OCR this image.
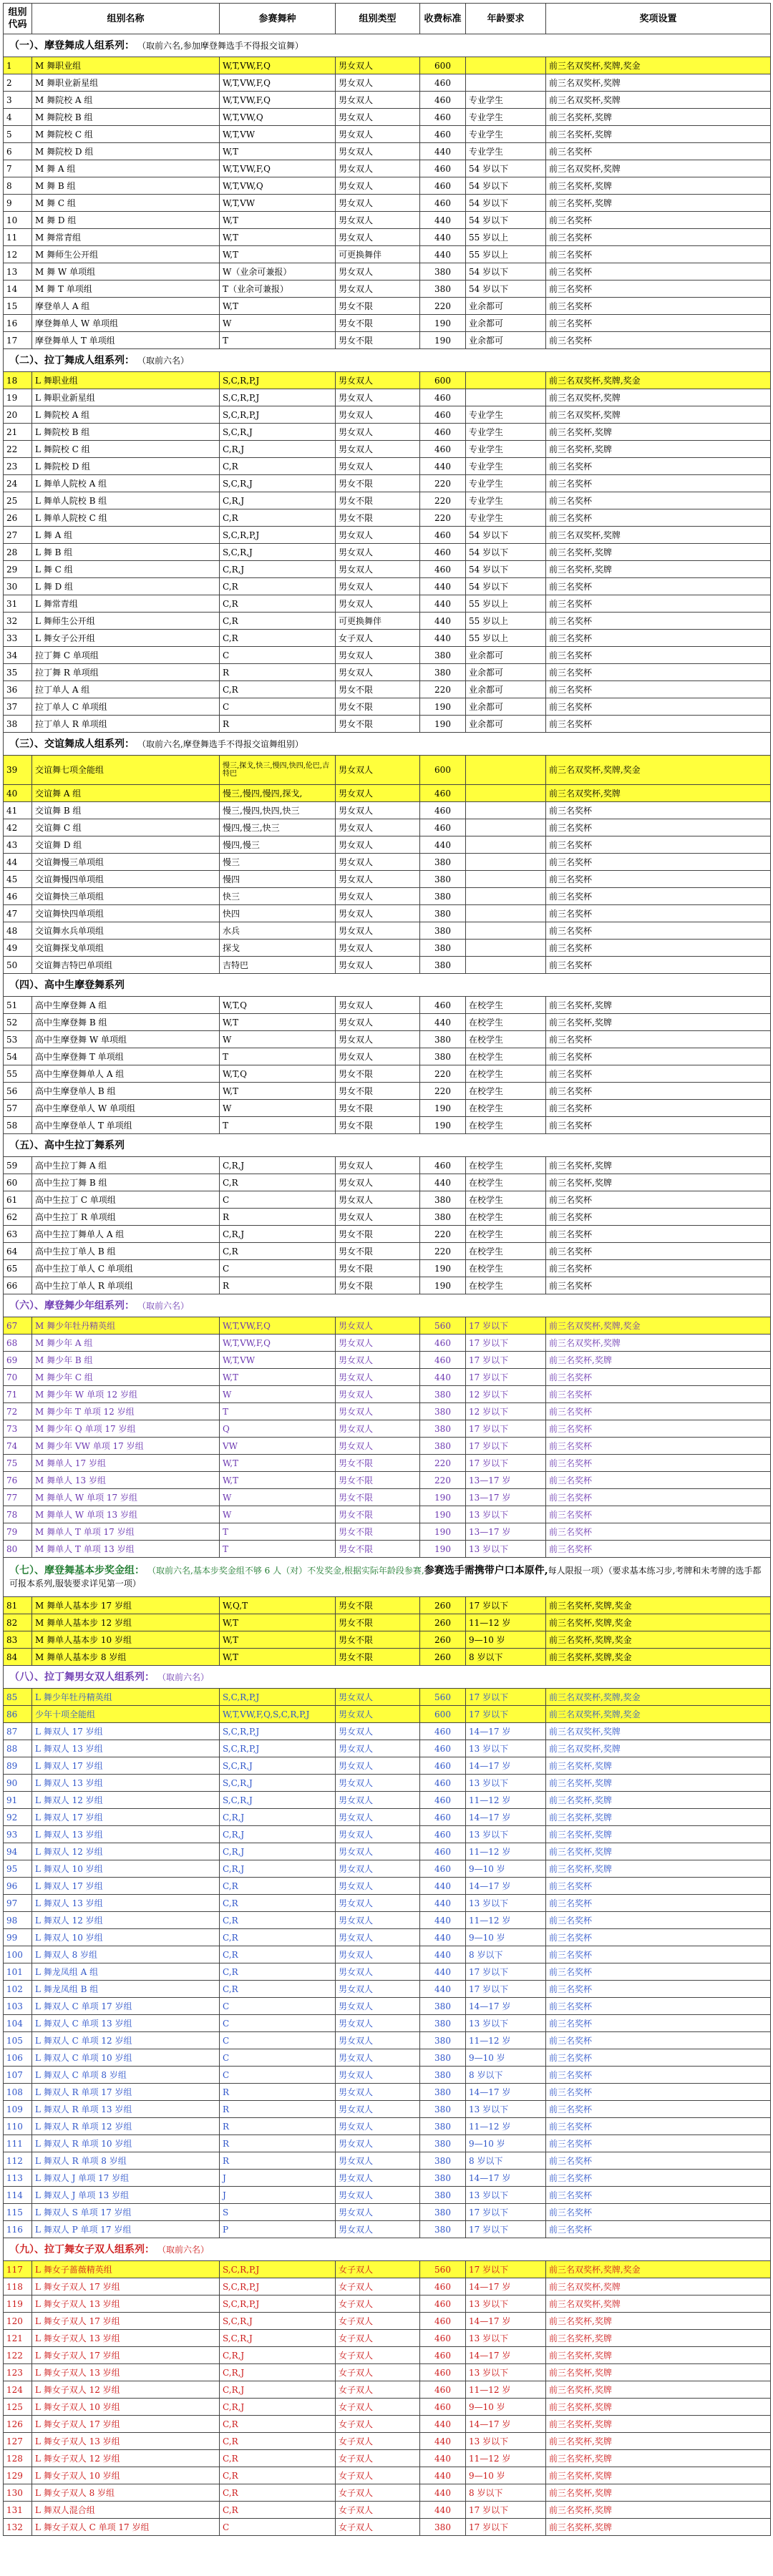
组别代码	组别名称	参赛舞种	组别类型	收费标准	年龄要求	奖项设置
（一）、摩登舞成人组系列： （取前六名,参加摩登舞选手不得报交谊舞）						
1	M 舞职业组	W,T,VW,F,Q	男女双人	600		前三名双奖杯,奖牌,奖金
2	M 舞职业新星组	W,T,VW,F,Q	男女双人	460		前三名双奖杯,奖牌
3	M 舞院校 A 组	W,T,VW,F,Q	男女双人	460	专业学生	前三名双奖杯,奖牌
4	M 舞院校 B 组	W,T,VW,Q	男女双人	460	专业学生	前三名奖杯,奖牌
5	M 舞院校 C 组	W,T,VW	男女双人	460	专业学生	前三名奖杯,奖牌
6	M 舞院校 D 组	W,T	男女双人	440	专业学生	前三名奖杯
7	M 舞 A 组	W,T,VW,F,Q	男女双人	460	54 岁以下	前三名双奖杯,奖牌
8	M 舞 B 组	W,T,VW,Q	男女双人	460	54 岁以下	前三名奖杯,奖牌
9	M 舞 C 组	W,T,VW	男女双人	460	54 岁以下	前三名奖杯,奖牌
10	M 舞 D 组	W,T	男女双人	440	54 岁以下	前三名奖杯
11	M 舞常青组	W,T	男女双人	440	55 岁以上	前三名奖杯
12	M 舞师生公开组	W,T	可更换舞伴	440	55 岁以上	前三名奖杯
13	M 舞 W 单项组	W（业余可兼报）	男女双人	380	54 岁以下	前三名奖杯
14	M 舞 T 单项组	T（业余可兼报）	男女双人	380	54 岁以下	前三名奖杯
15	摩登单人 A 组	W,T	男女不限	220	业余都可	前三名奖杯
16	摩登舞单人 W 单项组	W	男女不限	190	业余都可	前三名奖杯
17	摩登舞单人 T 单项组	T	男女不限	190	业余都可	前三名奖杯
（二）、拉丁舞成人组系列： （取前六名）						
18	L 舞职业组	S,C,R,P,J	男女双人	600		前三名双奖杯,奖牌,奖金
19	L 舞职业新星组	S,C,R,P,J	男女双人	460		前三名双奖杯,奖牌
20	L 舞院校 A 组	S,C,R,P,J	男女双人	460	专业学生	前三名双奖杯,奖牌
21	L 舞院校 B 组	S,C,R,J	男女双人	460	专业学生	前三名奖杯,奖牌
22	L 舞院校 C 组	C,R,J	男女双人	460	专业学生	前三名奖杯,奖牌
23	L 舞院校 D 组	C,R	男女双人	440	专业学生	前三名奖杯
24	L 舞单人院校 A 组	S,C,R,J	男女不限	220	专业学生	前三名奖杯
25	L 舞单人院校 B 组	C,R,J	男女不限	220	专业学生	前三名奖杯
26	L 舞单人院校 C 组	C,R	男女不限	220	专业学生	前三名奖杯
27	L 舞 A 组	S,C,R,P,J	男女双人	460	54 岁以下	前三名双奖杯,奖牌
28	L 舞 B 组	S,C,R,J	男女双人	460	54 岁以下	前三名奖杯,奖牌
29	L 舞 C 组	C,R,J	男女双人	460	54 岁以下	前三名奖杯,奖牌
30	L 舞 D 组	C,R	男女双人	440	54 岁以下	前三名奖杯
31	L 舞常青组	C,R	男女双人	440	55 岁以上	前三名奖杯
32	L 舞师生公开组	C,R	可更换舞伴	440	55 岁以上	前三名奖杯
33	L 舞女子公开组	C,R	女子双人	440	55 岁以上	前三名奖杯
34	拉丁舞 C 单项组	C	男女双人	380	业余都可	前三名奖杯
35	拉丁舞 R 单项组	R	男女双人	380	业余都可	前三名奖杯
36	拉丁单人 A 组	C,R	男女不限	220	业余都可	前三名奖杯
37	拉丁单人 C 单项组	C	男女不限	190	业余都可	前三名奖杯
38	拉丁单人 R 单项组	R	男女不限	190	业余都可	前三名奖杯
（三）、交谊舞成人组系列： （取前六名,摩登舞选手不得报交谊舞组别）						
39	交谊舞七项全能组	慢三,探戈,快三,慢四,快四,伦巴,吉特巴	男女双人	600		前三名双奖杯,奖牌,奖金
40	交谊舞 A 组	慢三,慢四,慢四,探戈,	男女双人	460		前三名双奖杯,奖牌
41	交谊舞 B 组	慢三,慢四,快四,快三	男女双人	460		前三名奖杯
42	交谊舞 C 组	慢四,慢三,快三	男女双人	460		前三名奖杯
43	交谊舞 D 组	慢四,慢三	男女双人	440		前三名奖杯
44	交谊舞慢三单项组	慢三	男女双人	380		前三名奖杯
45	交谊舞慢四单项组	慢四	男女双人	380		前三名奖杯
46	交谊舞快三单项组	快三	男女双人	380		前三名奖杯
47	交谊舞快四单项组	快四	男女双人	380		前三名奖杯
48	交谊舞水兵单项组	水兵	男女双人	380		前三名奖杯
49	交谊舞探戈单项组	探戈	男女双人	380		前三名奖杯
50	交谊舞吉特巴单项组	吉特巴	男女双人	380		前三名奖杯
（四）、高中生摩登舞系列						
51	高中生摩登舞 A 组	W,T,Q	男女双人	460	在校学生	前三名奖杯,奖牌
52	高中生摩登舞 B 组	W,T	男女双人	440	在校学生	前三名奖杯,奖牌
53	高中生摩登舞 W 单项组	W	男女双人	380	在校学生	前三名奖杯
54	高中生摩登舞 T 单项组	T	男女双人	380	在校学生	前三名奖杯
55	高中生摩登舞单人 A 组	W,T,Q	男女不限	220	在校学生	前三名奖杯
56	高中生摩登单人 B 组	W,T	男女不限	220	在校学生	前三名奖杯
57	高中生摩登单人 W 单项组	W	男女不限	190	在校学生	前三名奖杯
58	高中生摩登单人 T 单项组	T	男女不限	190	在校学生	前三名奖杯
（五）、高中生拉丁舞系列						
59	高中生拉丁舞 A 组	C,R,J	男女双人	460	在校学生	前三名奖杯,奖牌
60	高中生拉丁舞 B 组	C,R	男女双人	440	在校学生	前三名奖杯,奖牌
61	高中生拉丁 C 单项组	C	男女双人	380	在校学生	前三名奖杯
62	高中生拉丁 R 单项组	R	男女双人	380	在校学生	前三名奖杯
63	高中生拉丁舞单人 A 组	C,R,J	男女不限	220	在校学生	前三名奖杯
64	高中生拉丁单人 B 组	C,R	男女不限	220	在校学生	前三名奖杯
65	高中生拉丁单人 C 单项组	C	男女不限	190	在校学生	前三名奖杯
66	高中生拉丁单人 R 单项组	R	男女不限	190	在校学生	前三名奖杯
（六）、摩登舞少年组系列： （取前六名）						
67	M 舞少年牡丹精英组	W,T,VW,F,Q	男女双人	560	17 岁以下	前三名双奖杯,奖牌,奖金
68	M 舞少年 A 组	W,T,VW,F,Q	男女双人	460	17 岁以下	前三名双奖杯,奖牌
69	M 舞少年 B 组	W,T,VW	男女双人	460	17 岁以下	前三名奖杯,奖牌
70	M 舞少年 C 组	W,T	男女双人	440	17 岁以下	前三名奖杯
71	M 舞少年 W 单项 12 岁组	W	男女双人	380	12 岁以下	前三名奖杯
72	M 舞少年 T 单项 12 岁组	T	男女双人	380	12 岁以下	前三名奖杯
73	M 舞少年 Q 单项 17 岁组	Q	男女双人	380	17 岁以下	前三名奖杯
74	M 舞少年 VW 单项 17 岁组	VW	男女双人	380	17 岁以下	前三名奖杯
75	M 舞单人 17 岁组	W,T	男女不限	220	17 岁以下	前三名奖杯
76	M 舞单人 13 岁组	W,T	男女不限	220	13—17 岁	前三名奖杯
77	M 舞单人 W 单项 17 岁组	W	男女不限	190	13—17 岁	前三名奖杯
78	M 舞单人 W 单项 13 岁组	W	男女不限	190	13 岁以下	前三名奖杯
79	M 舞单人 T 单项 17 岁组	T	男女不限	190	13—17 岁	前三名奖杯
80	M 舞单人 T 单项 13 岁组	T	男女不限	190	13 岁以下	前三名奖杯
（七）、摩登舞基本步奖金组： （取前六名,基本步奖金组不够 6 人（对）不发奖金,根据实际年龄段参赛,参赛选手需携带户口本原件,每人限报一项）（要求基本练习步,考牌和未考牌的选手都可报本系列,服装要求详见第一项）						
81	M 舞单人基本步 17 岁组	W,Q,T	男女不限	260	17 岁以下	前三名奖杯,奖牌,奖金
82	M 舞单人基本步 12 岁组	W,T	男女不限	260	11—12 岁	前三名奖杯,奖牌,奖金
83	M 舞单人基本步 10 岁组	W,T	男女不限	260	9—10 岁	前三名奖杯,奖牌,奖金
84	M 舞单人基本步 8 岁组	W,T	男女不限	260	8 岁以下	前三名奖杯,奖牌,奖金
（八）、拉丁舞男女双人组系列： （取前六名）						
85	L 舞少年牡丹精英组	S,C,R,P,J	男女双人	560	17 岁以下	前三名双奖杯,奖牌,奖金
86	少年十项全能组	W,T,VW,F,Q,S,C,R,P,J	男女双人	600	17 岁以下	前三名双奖杯,奖牌,奖金
87	L 舞双人 17 岁组	S,C,R,P,J	男女双人	460	14—17 岁	前三名双奖杯,奖牌
88	L 舞双人 13 岁组	S,C,R,P,J	男女双人	460	13 岁以下	前三名双奖杯,奖牌
89	L 舞双人 17 岁组	S,C,R,J	男女双人	460	14—17 岁	前三名奖杯,奖牌
90	L 舞双人 13 岁组	S,C,R,J	男女双人	460	13 岁以下	前三名奖杯,奖牌
91	L 舞双人 12 岁组	S,C,R,J	男女双人	460	11—12 岁	前三名奖杯,奖牌
92	L 舞双人 17 岁组	C,R,J	男女双人	460	14—17 岁	前三名奖杯,奖牌
93	L 舞双人 13 岁组	C,R,J	男女双人	460	13 岁以下	前三名奖杯,奖牌
94	L 舞双人 12 岁组	C,R,J	男女双人	460	11—12 岁	前三名奖杯,奖牌
95	L 舞双人 10 岁组	C,R,J	男女双人	460	9—10 岁	前三名奖杯,奖牌
96	L 舞双人 17 岁组	C,R	男女双人	440	14—17 岁	前三名奖杯
97	L 舞双人 13 岁组	C,R	男女双人	440	13 岁以下	前三名奖杯
98	L 舞双人 12 岁组	C,R	男女双人	440	11—12 岁	前三名奖杯
99	L 舞双人 10 岁组	C,R	男女双人	440	9—10 岁	前三名奖杯
100	L 舞双人 8 岁组	C,R	男女双人	440	8 岁以下	前三名奖杯
101	L 舞龙凤组 A 组	C,R	男女双人	440	17 岁以下	前三名奖杯
102	L 舞龙凤组 B 组	C,R	男女双人	440	17 岁以下	前三名奖杯
103	L 舞双人 C 单项 17 岁组	C	男女双人	380	14—17 岁	前三名奖杯
104	L 舞双人 C 单项 13 岁组	C	男女双人	380	13 岁以下	前三名奖杯
105	L 舞双人 C 单项 12 岁组	C	男女双人	380	11—12 岁	前三名奖杯
106	L 舞双人 C 单项 10 岁组	C	男女双人	380	9—10 岁	前三名奖杯
107	L 舞双人 C 单项 8 岁组	C	男女双人	380	8 岁以下	前三名奖杯
108	L 舞双人 R 单项 17 岁组	R	男女双人	380	14—17 岁	前三名奖杯
109	L 舞双人 R 单项 13 岁组	R	男女双人	380	13 岁以下	前三名奖杯
110	L 舞双人 R 单项 12 岁组	R	男女双人	380	11—12 岁	前三名奖杯
111	L 舞双人 R 单项 10 岁组	R	男女双人	380	9—10 岁	前三名奖杯
112	L 舞双人 R 单项 8 岁组	R	男女双人	380	8 岁以下	前三名奖杯
113	L 舞双人 J 单项 17 岁组	J	男女双人	380	14—17 岁	前三名奖杯
114	L 舞双人 J 单项 13 岁组	J	男女双人	380	13 岁以下	前三名奖杯
115	L 舞双人 S 单项 17 岁组	S	男女双人	380	17 岁以下	前三名奖杯
116	L 舞双人 P 单项 17 岁组	P	男女双人	380	17 岁以下	前三名奖杯
（九）、拉丁舞女子双人组系列： （取前六名）						
117	L 舞女子蔷薇精英组	S,C,R,P,J	女子双人	560	17 岁以下	前三名双奖杯,奖牌,奖金
118	L 舞女子双人 17 岁组	S,C,R,P,J	女子双人	460	14—17 岁	前三名双奖杯,奖牌
119	L 舞女子双人 13 岁组	S,C,R,P,J	女子双人	460	13 岁以下	前三名双奖杯,奖牌
120	L 舞女子双人 17 岁组	S,C,R,J	女子双人	460	14—17 岁	前三名奖杯,奖牌
121	L 舞女子双人 13 岁组	S,C,R,J	女子双人	460	13 岁以下	前三名奖杯,奖牌
122	L 舞女子双人 17 岁组	C,R,J	女子双人	460	14—17 岁	前三名奖杯,奖牌
123	L 舞女子双人 13 岁组	C,R,J	女子双人	460	13 岁以下	前三名奖杯,奖牌
124	L 舞女子双人 12 岁组	C,R,J	女子双人	460	11—12 岁	前三名奖杯,奖牌
125	L 舞女子双人 10 岁组	C,R,J	女子双人	460	9—10 岁	前三名奖杯,奖牌
126	L 舞女子双人 17 岁组	C,R	女子双人	440	14—17 岁	前三名奖杯,奖牌
127	L 舞女子双人 13 岁组	C,R	女子双人	440	13 岁以下	前三名奖杯,奖牌
128	L 舞女子双人 12 岁组	C,R	女子双人	440	11—12 岁	前三名奖杯,奖牌
129	L 舞女子双人 10 岁组	C,R	女子双人	440	9—10 岁	前三名奖杯,奖牌
130	L 舞女子双人 8 岁组	C,R	女子双人	440	8 岁以下	前三名奖杯,奖牌
131	L 舞双人混合组	C,R	女子双人	440	17 岁以下	前三名奖杯,奖牌
132	L 舞女子双人 C 单项 17 岁组	C	女子双人	380	17 岁以下	前三名奖杯,奖牌
